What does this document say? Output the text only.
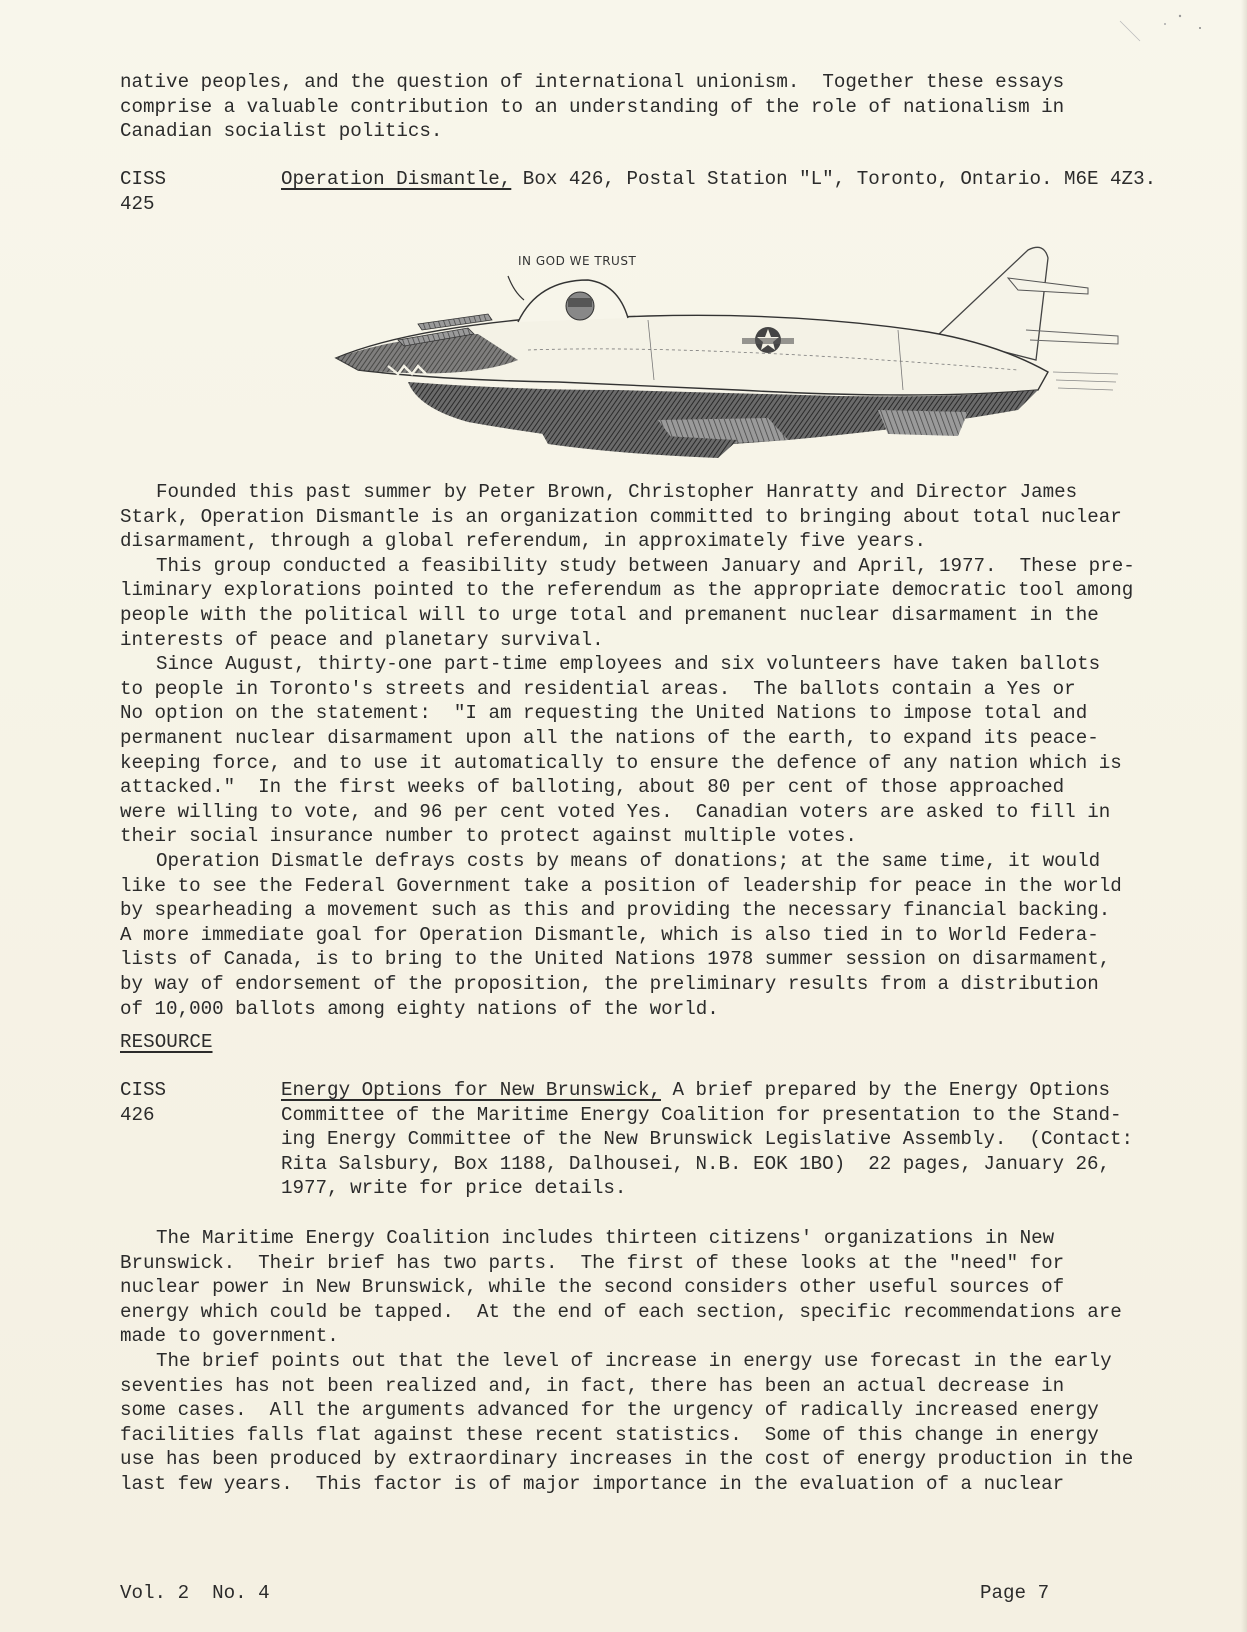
native peoples, and the question of international unionism.  Together these essays
comprise a valuable contribution to an understanding of the role of nationalism in
Canadian socialist politics.
CISS
425
Operation Dismantle, Box 426, Postal Station "L", Toronto, Ontario. M6E 4Z3.
IN GOD WE TRUST
Founded this past summer by Peter Brown, Christopher Hanratty and Director James
Stark, Operation Dismantle is an organization committed to bringing about total nuclear
disarmament, through a global referendum, in approximately five years.
This group conducted a feasibility study between January and April, 1977.  These pre-
liminary explorations pointed to the referendum as the appropriate democratic tool among
people with the political will to urge total and premanent nuclear disarmament in the
interests of peace and planetary survival.
Since August, thirty-one part-time employees and six volunteers have taken ballots
to people in Toronto's streets and residential areas.  The ballots contain a Yes or
No option on the statement:  "I am requesting the United Nations to impose total and
permanent nuclear disarmament upon all the nations of the earth, to expand its peace-
keeping force, and to use it automatically to ensure the defence of any nation which is
attacked."  In the first weeks of balloting, about 80 per cent of those approached
were willing to vote, and 96 per cent voted Yes.  Canadian voters are asked to fill in
their social insurance number to protect against multiple votes.
Operation Dismatle defrays costs by means of donations; at the same time, it would
like to see the Federal Government take a position of leadership for peace in the world
by spearheading a movement such as this and providing the necessary financial backing.
A more immediate goal for Operation Dismantle, which is also tied in to World Federa-
lists of Canada, is to bring to the United Nations 1978 summer session on disarmament,
by way of endorsement of the proposition, the preliminary results from a distribution
of 10,000 ballots among eighty nations of the world.
RESOURCE
CISS
426
Energy Options for New Brunswick, A brief prepared by the Energy Options
Committee of the Maritime Energy Coalition for presentation to the Stand-
ing Energy Committee of the New Brunswick Legislative Assembly.  (Contact:
Rita Salsbury, Box 1188, Dalhousei, N.B. EOK 1BO)  22 pages, January 26,
1977, write for price details.
The Maritime Energy Coalition includes thirteen citizens' organizations in New
Brunswick.  Their brief has two parts.  The first of these looks at the "need" for
nuclear power in New Brunswick, while the second considers other useful sources of
energy which could be tapped.  At the end of each section, specific recommendations are
made to government.
The brief points out that the level of increase in energy use forecast in the early
seventies has not been realized and, in fact, there has been an actual decrease in
some cases.  All the arguments advanced for the urgency of radically increased energy
facilities falls flat against these recent statistics.  Some of this change in energy
use has been produced by extraordinary increases in the cost of energy production in the
last few years.  This factor is of major importance in the evaluation of a nuclear
Vol. 2  No. 4	Page 7
